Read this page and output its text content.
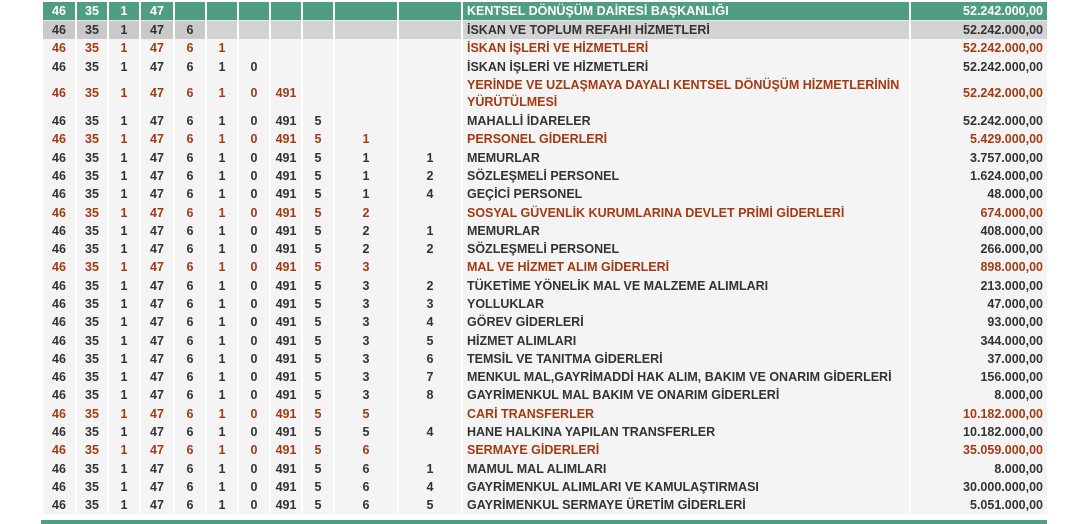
46	35	1	47								KENTSEL DÖNÜŞÜM DAİRESİ BAŞKANLIĞI	52.242.000,00
46	35	1	47	6							İSKAN VE TOPLUM REFAHI HİZMETLERİ	52.242.000,00
46	35	1	47	6	1						İSKAN İŞLERİ VE HİZMETLERİ	52.242.000,00
46	35	1	47	6	1	0					İSKAN İŞLERİ VE HİZMETLERİ	52.242.000,00
46	35	1	47	6	1	0	491				YERİNDE VE UZLAŞMAYA DAYALI KENTSEL DÖNÜŞÜM HİZMETLERİNİN YÜRÜTÜLMESİ	52.242.000,00
46	35	1	47	6	1	0	491	5			MAHALLİ İDARELER	52.242.000,00
46	35	1	47	6	1	0	491	5	1		PERSONEL GİDERLERİ	5.429.000,00
46	35	1	47	6	1	0	491	5	1	1	MEMURLAR	3.757.000,00
46	35	1	47	6	1	0	491	5	1	2	SÖZLEŞMELİ PERSONEL	1.624.000,00
46	35	1	47	6	1	0	491	5	1	4	GEÇİCİ PERSONEL	48.000,00
46	35	1	47	6	1	0	491	5	2		SOSYAL GÜVENLİK KURUMLARINA DEVLET PRİMİ GİDERLERİ	674.000,00
46	35	1	47	6	1	0	491	5	2	1	MEMURLAR	408.000,00
46	35	1	47	6	1	0	491	5	2	2	SÖZLEŞMELİ PERSONEL	266.000,00
46	35	1	47	6	1	0	491	5	3		MAL VE HİZMET ALIM GİDERLERİ	898.000,00
46	35	1	47	6	1	0	491	5	3	2	TÜKETİME YÖNELİK MAL VE MALZEME ALIMLARI	213.000,00
46	35	1	47	6	1	0	491	5	3	3	YOLLUKLAR	47.000,00
46	35	1	47	6	1	0	491	5	3	4	GÖREV GİDERLERİ	93.000,00
46	35	1	47	6	1	0	491	5	3	5	HİZMET ALIMLARI	344.000,00
46	35	1	47	6	1	0	491	5	3	6	TEMSİL VE TANITMA GİDERLERİ	37.000,00
46	35	1	47	6	1	0	491	5	3	7	MENKUL MAL,GAYRİMADDİ HAK ALIM, BAKIM VE ONARIM GİDERLERİ	156.000,00
46	35	1	47	6	1	0	491	5	3	8	GAYRİMENKUL MAL BAKIM VE ONARIM GİDERLERİ	8.000,00
46	35	1	47	6	1	0	491	5	5		CARİ TRANSFERLER	10.182.000,00
46	35	1	47	6	1	0	491	5	5	4	HANE HALKINA YAPILAN TRANSFERLER	10.182.000,00
46	35	1	47	6	1	0	491	5	6		SERMAYE GİDERLERİ	35.059.000,00
46	35	1	47	6	1	0	491	5	6	1	MAMUL MAL ALIMLARI	8.000,00
46	35	1	47	6	1	0	491	5	6	4	GAYRİMENKUL ALIMLARI VE KAMULAŞTIRMASI	30.000.000,00
46	35	1	47	6	1	0	491	5	6	5	GAYRİMENKUL SERMAYE ÜRETİM GİDERLERİ	5.051.000,00
